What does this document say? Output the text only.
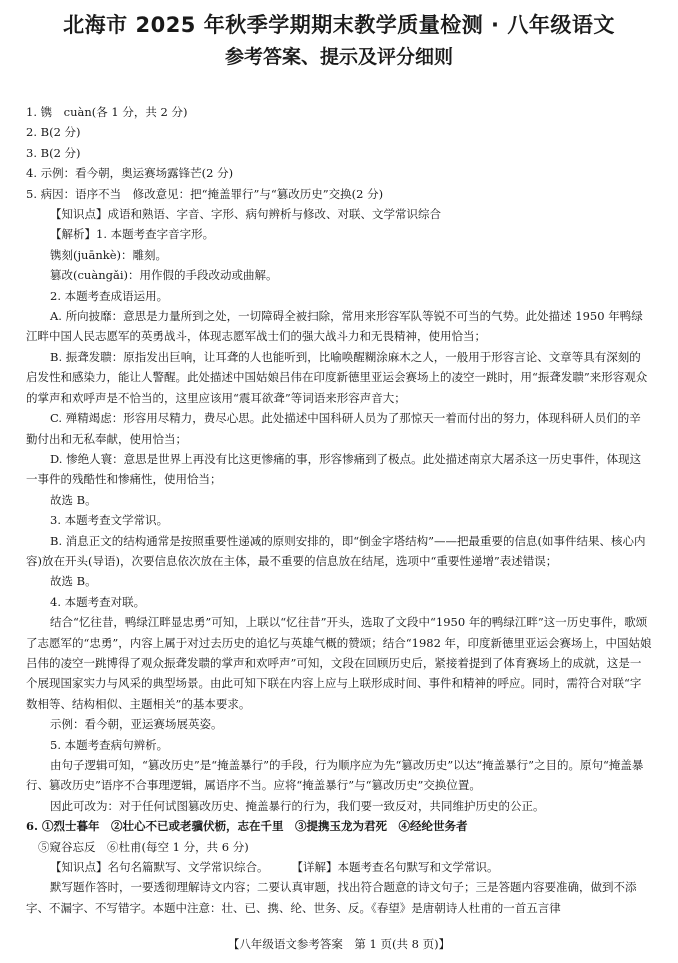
北海市 2025 年秋季学期期末教学质量检测 · 八年级语文
参考答案、提示及评分细则
1. 镌　cuàn(各 1 分，共 2 分)
2. B(2 分)
3. B(2 分)
4. 示例：看今朝，奥运赛场露锋芒(2 分)
5. 病因：语序不当　修改意见：把“掩盖罪行”与“篡改历史”交换(2 分)
【知识点】成语和熟语、字音、字形、病句辨析与修改、对联、文学常识综合
【解析】1. 本题考查字音字形。
镌刻(juānkè)：雕刻。
篡改(cuàngǎi)：用作假的手段改动或曲解。
2. 本题考查成语运用。
A. 所向披靡：意思是力量所到之处，一切障碍全被扫除，常用来形容军队等锐不可当的气势。此处描述 1950 年鸭绿江畔中国人民志愿军的英勇战斗，体现志愿军战士们的强大战斗力和无畏精神，使用恰当；
B. 振聋发聩：原指发出巨响，让耳聋的人也能听到，比喻唤醒糊涂麻木之人，一般用于形容言论、文章等具有深刻的启发性和感染力，能让人警醒。此处描述中国姑娘吕伟在印度新德里亚运会赛场上的凌空一跳时，用“振聋发聩”来形容观众的掌声和欢呼声是不恰当的，这里应该用“震耳欲聋”等词语来形容声音大；
C. 殚精竭虑：形容用尽精力，费尽心思。此处描述中国科研人员为了那惊天一着而付出的努力，体现科研人员们的辛勤付出和无私奉献，使用恰当；
D. 惨绝人寰：意思是世界上再没有比这更惨痛的事，形容惨痛到了极点。此处描述南京大屠杀这一历史事件，体现这一事件的残酷性和惨痛性，使用恰当；
故选 B。
3. 本题考查文学常识。
B. 消息正文的结构通常是按照重要性递减的原则安排的，即“倒金字塔结构”——把最重要的信息(如事件结果、核心内容)放在开头(导语)，次要信息依次放在主体，最不重要的信息放在结尾，选项中“重要性递增”表述错误；
故选 B。
4. 本题考查对联。
结合“忆往昔，鸭绿江畔显忠勇”可知，上联以“忆往昔”开头，选取了文段中“1950 年的鸭绿江畔”这一历史事件，歌颂了志愿军的“忠勇”，内容上属于对过去历史的追忆与英雄气概的赞颂；结合“1982 年，印度新德里亚运会赛场上，中国姑娘吕伟的凌空一跳博得了观众振聋发聩的掌声和欢呼声”可知，文段在回顾历史后，紧接着提到了体育赛场上的成就，这是一个展现国家实力与风采的典型场景。由此可知下联在内容上应与上联形成时间、事件和精神的呼应。同时，需符合对联“字数相等、结构相似、主题相关”的基本要求。
示例：看今朝，亚运赛场展英姿。
5. 本题考查病句辨析。
由句子逻辑可知，“篡改历史”是“掩盖暴行”的手段，行为顺序应为先“篡改历史”以达“掩盖暴行”之目的。原句“掩盖暴行、篡改历史”语序不合事理逻辑，属语序不当。应将“掩盖暴行”与“篡改历史”交换位置。
因此可改为：对于任何试图篡改历史、掩盖暴行的行为，我们要一致反对，共同维护历史的公正。
6. ①烈士暮年　②壮心不已或老骥伏枥，志在千里　③提携玉龙为君死　④经纶世务者
⑤窥谷忘反　⑥杜甫(每空 1 分，共 6 分)
【知识点】名句名篇默写、文学常识综合。　　　【详解】本题考查名句默写和文学常识。
默写题作答时，一要透彻理解诗文内容；二要认真审题，找出符合题意的诗文句子；三是答题内容要准确，做到不添字、不漏字、不写错字。本题中注意：壮、已、携、纶、世务、反。《春望》是唐朝诗人杜甫的一首五言律
【八年级语文参考答案　第 1 页(共 8 页)】
